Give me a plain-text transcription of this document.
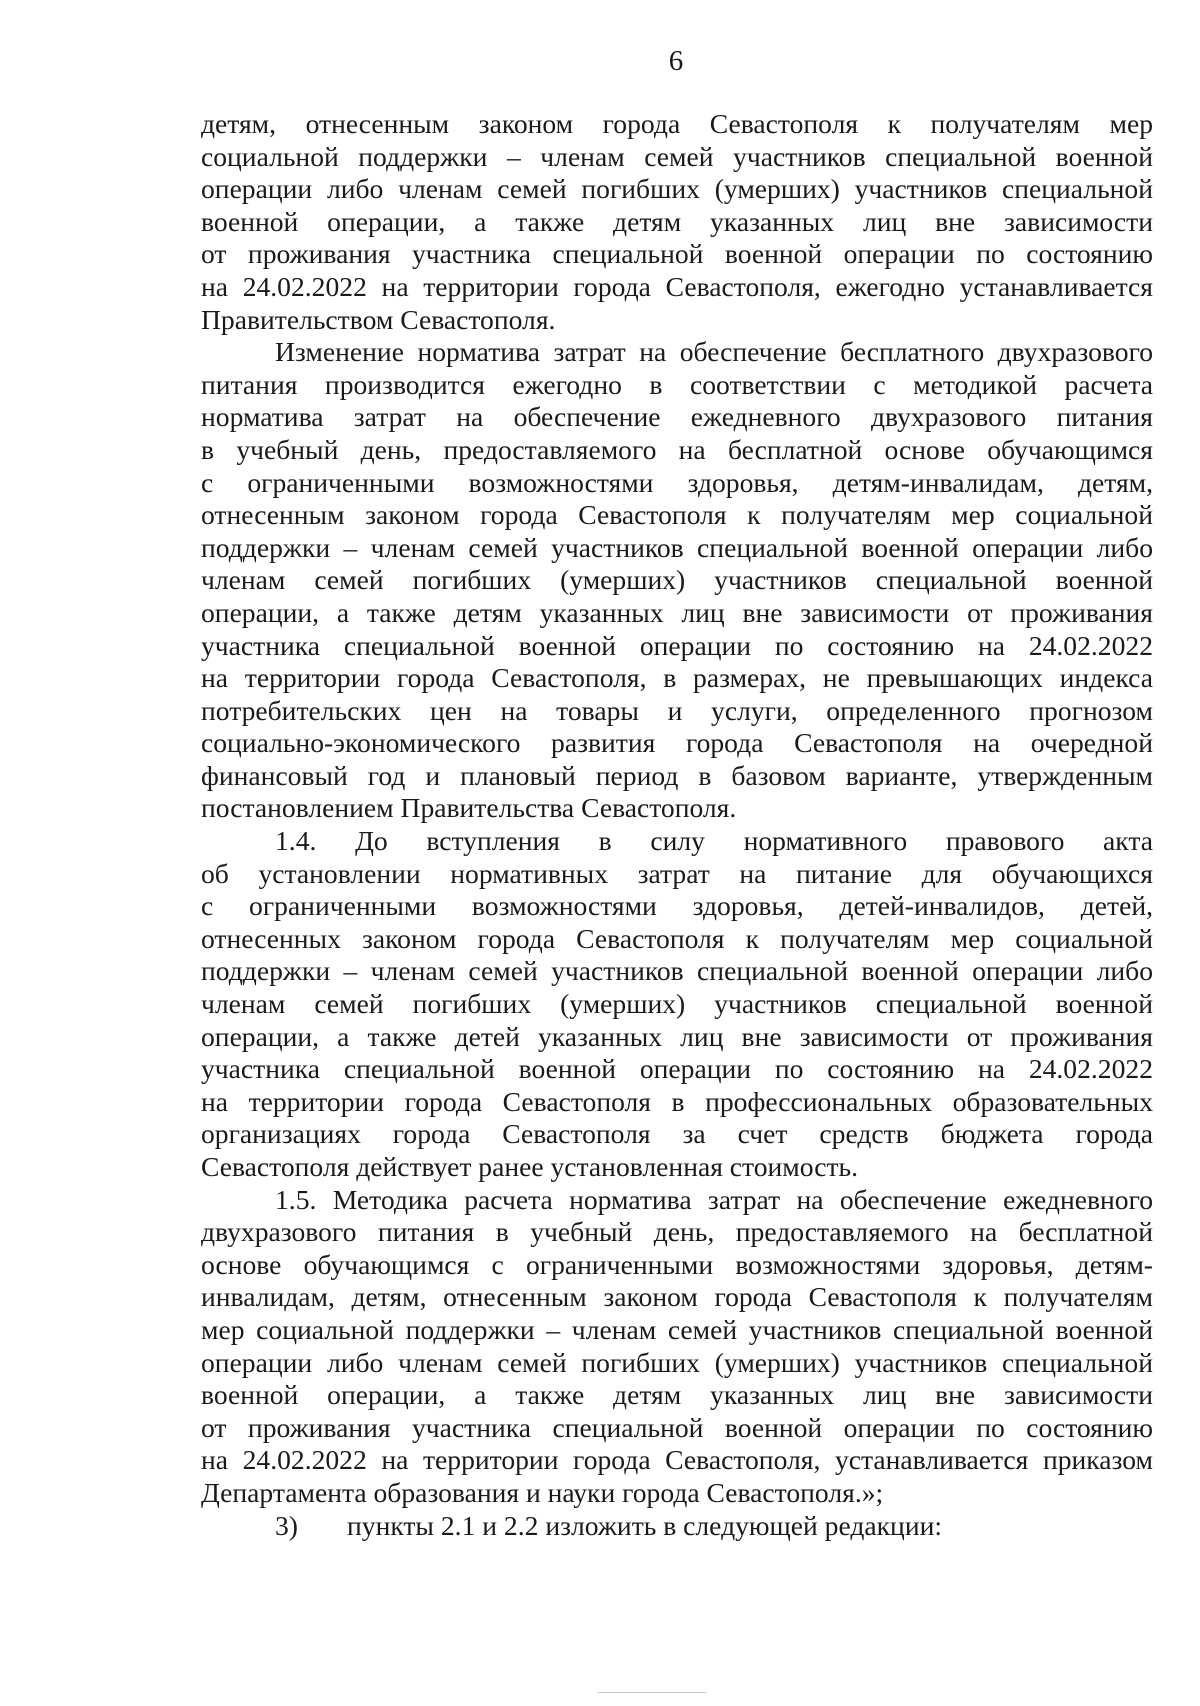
6
детям, отнесенным законом города Севастополя к получателям мер
социальной поддержки – членам семей участников специальной военной
операции либо членам семей погибших (умерших) участников специальной
военной операции, а также детям указанных лиц вне зависимости
от проживания участника специальной военной операции по состоянию
на 24.02.2022 на территории города Севастополя, ежегодно устанавливается
Правительством Севастополя.
Изменение норматива затрат на обеспечение бесплатного двухразового
питания производится ежегодно в соответствии с методикой расчета
норматива затрат на обеспечение ежедневного двухразового питания
в учебный день, предоставляемого на бесплатной основе обучающимся
с ограниченными возможностями здоровья, детям-инвалидам, детям,
отнесенным законом города Севастополя к получателям мер социальной
поддержки – членам семей участников специальной военной операции либо
членам семей погибших (умерших) участников специальной военной
операции, а также детям указанных лиц вне зависимости от проживания
участника специальной военной операции по состоянию на 24.02.2022
на территории города Севастополя, в размерах, не превышающих индекса
потребительских цен на товары и услуги, определенного прогнозом
социально-экономического развития города Севастополя на очередной
финансовый год и плановый период в базовом варианте, утвержденным
постановлением Правительства Севастополя.
1.4. До вступления в силу нормативного правового акта
об установлении нормативных затрат на питание для обучающихся
с ограниченными возможностями здоровья, детей-инвалидов, детей,
отнесенных законом города Севастополя к получателям мер социальной
поддержки – членам семей участников специальной военной операции либо
членам семей погибших (умерших) участников специальной военной
операции, а также детей указанных лиц вне зависимости от проживания
участника специальной военной операции по состоянию на 24.02.2022
на территории города Севастополя в профессиональных образовательных
организациях города Севастополя за счет средств бюджета города
Севастополя действует ранее установленная стоимость.
1.5. Методика расчета норматива затрат на обеспечение ежедневного
двухразового питания в учебный день, предоставляемого на бесплатной
основе обучающимся с ограниченными возможностями здоровья, детям-
инвалидам, детям, отнесенным законом города Севастополя к получателям
мер социальной поддержки – членам семей участников специальной военной
операции либо членам семей погибших (умерших) участников специальной
военной операции, а также детям указанных лиц вне зависимости
от проживания участника специальной военной операции по состоянию
на 24.02.2022 на территории города Севастополя, устанавливается приказом
Департамента образования и науки города Севастополя.»;
3) пункты 2.1 и 2.2 изложить в следующей редакции:
